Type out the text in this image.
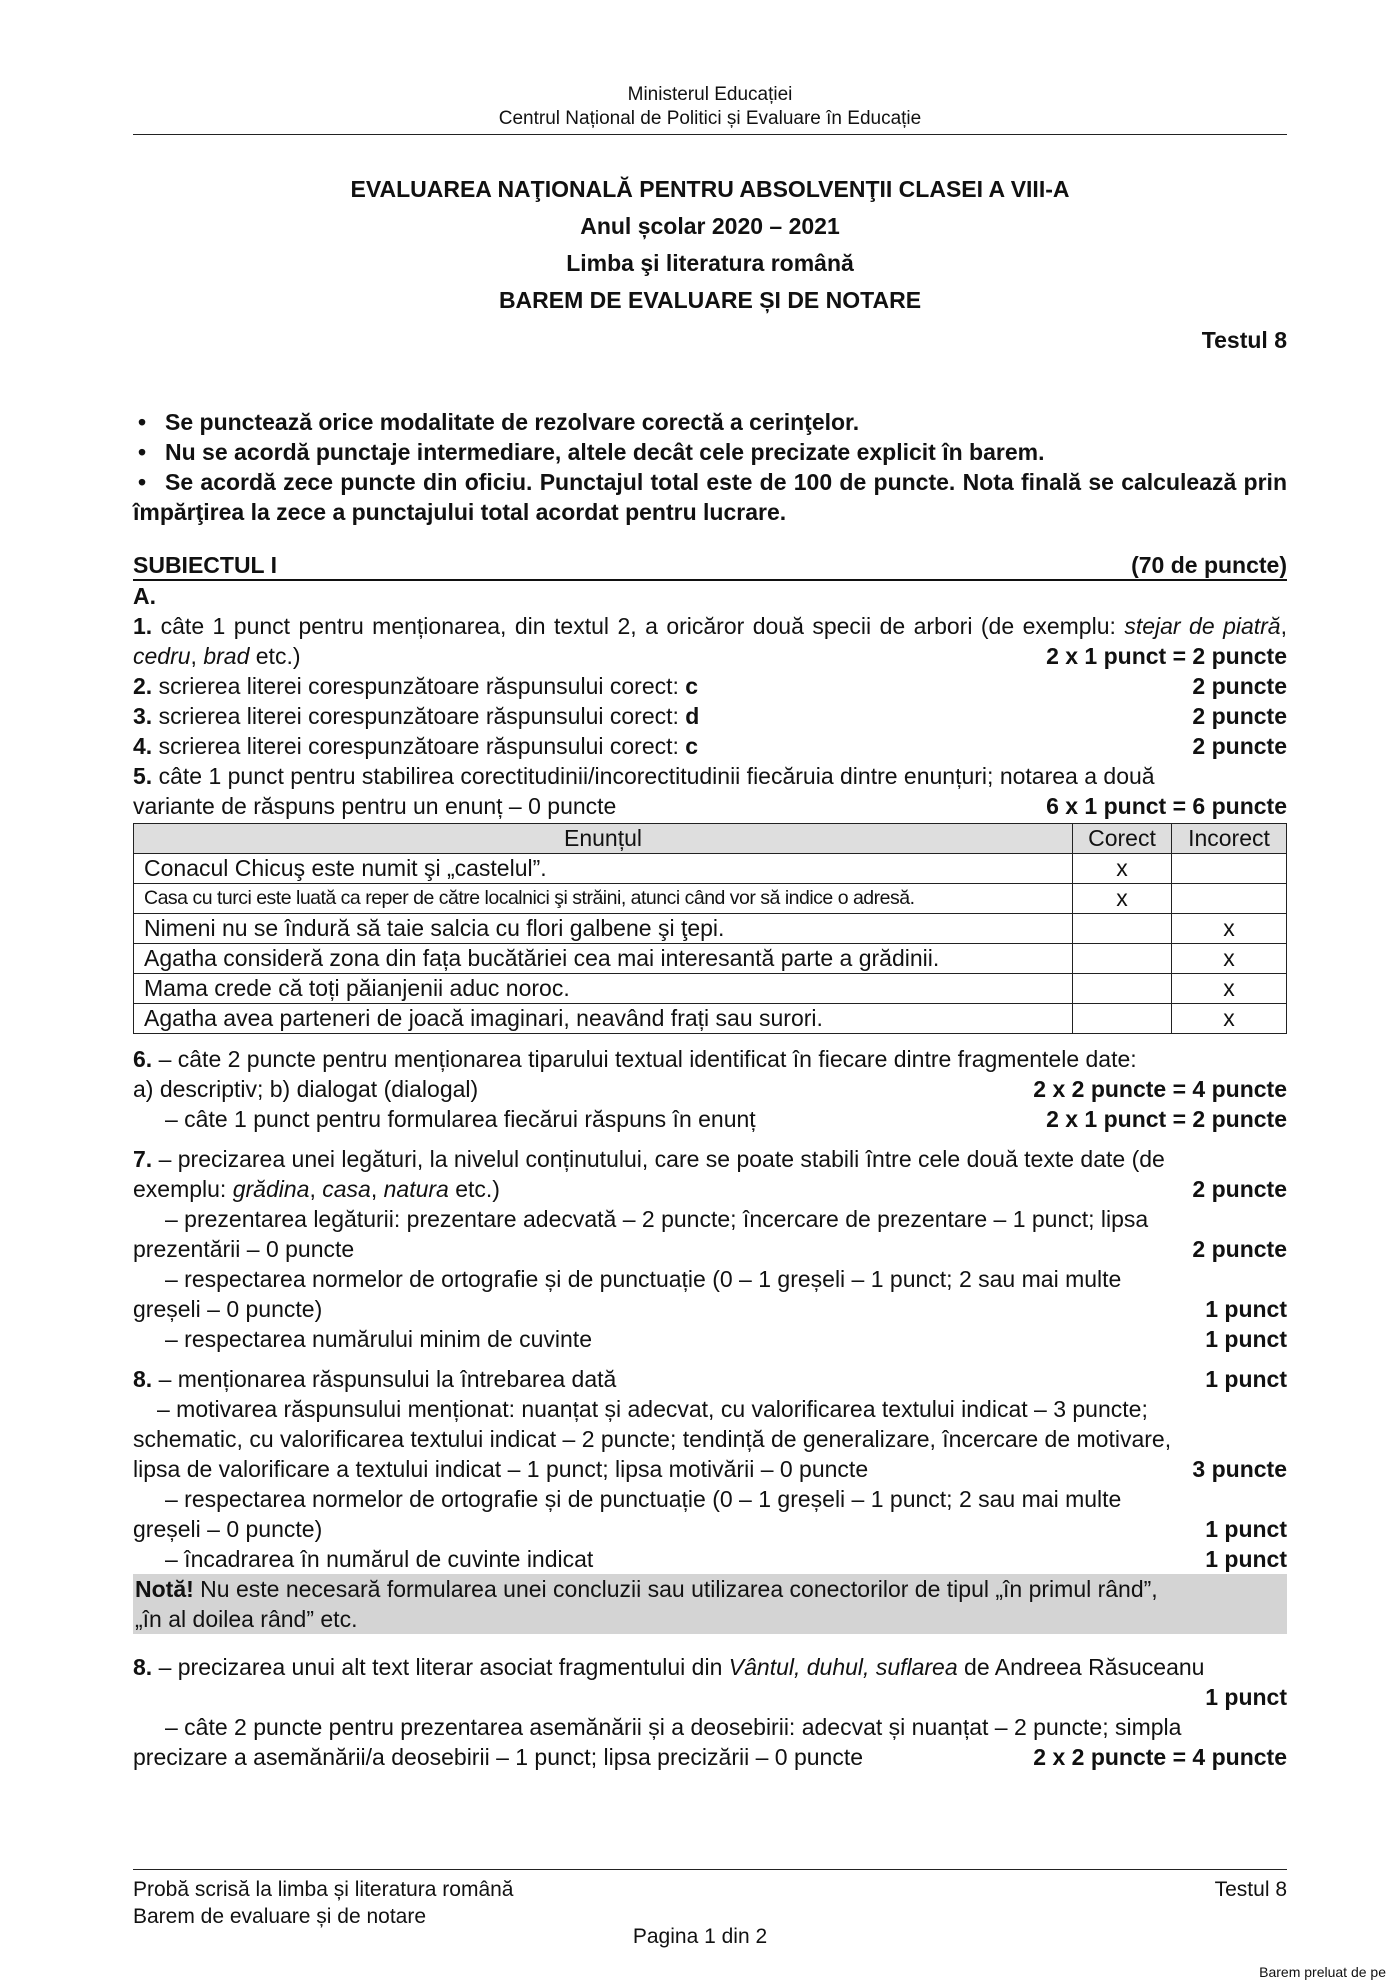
Ministerul Educației
Centrul Național de Politici și Evaluare în Educație
EVALUAREA NAŢIONALĂ PENTRU ABSOLVENŢII CLASEI A VIII-A
Anul școlar 2020 – 2021
Limba şi literatura română
BAREM DE EVALUARE ȘI DE NOTARE
Testul 8
• Se punctează orice modalitate de rezolvare corectă a cerinţelor.
• Nu se acordă punctaje intermediare, altele decât cele precizate explicit în barem.
• Se acordă zece puncte din oficiu. Punctajul total este de 100 de puncte. Nota finală se calculează prin împărţirea la zece a punctajului total acordat pentru lucrare.
SUBIECTUL I	(70 de puncte)
A.
1. câte 1 punct pentru menționarea, din textul 2, a oricăror două specii de arbori (de exemplu: stejar de piatră, cedru, brad etc.)	2 x 1 punct = 2 puncte
2. scrierea literei corespunzătoare răspunsului corect: c	2 puncte
3. scrierea literei corespunzătoare răspunsului corect: d	2 puncte
4. scrierea literei corespunzătoare răspunsului corect: c	2 puncte
5. câte 1 punct pentru stabilirea corectitudinii/incorectitudinii fiecăruia dintre enunțuri; notarea a două
variante de răspuns pentru un enunț – 0 puncte	6 x 1 punct = 6 puncte
Enunțul	Corect	Incorect
Conacul Chicuş este numit şi „castelul”.	x	
Casa cu turci este luată ca reper de către localnici şi străini, atunci când vor să indice o adresă.	x	
Nimeni nu se îndură să taie salcia cu flori galbene şi ţepi.		x
Agatha consideră zona din fața bucătăriei cea mai interesantă parte a grădinii.		x
Mama crede că toți păianjenii aduc noroc.		x
Agatha avea parteneri de joacă imaginari, neavând frați sau surori.		x
6. – câte 2 puncte pentru menționarea tiparului textual identificat în fiecare dintre fragmentele date:
a) descriptiv; b) dialogat (dialogal)	2 x 2 puncte = 4 puncte
– câte 1 punct pentru formularea fiecărui răspuns în enunț	2 x 1 punct = 2 puncte
7. – precizarea unei legături, la nivelul conținutului, care se poate stabili între cele două texte date (de
exemplu: grădina, casa, natura etc.)	2 puncte
– prezentarea legăturii: prezentare adecvată – 2 puncte; încercare de prezentare – 1 punct; lipsa
prezentării – 0 puncte	2 puncte
– respectarea normelor de ortografie și de punctuație (0 – 1 greșeli – 1 punct; 2 sau mai multe
greșeli – 0 puncte)	1 punct
– respectarea numărului minim de cuvinte	1 punct
8. – menționarea răspunsului la întrebarea dată	1 punct
– motivarea răspunsului menționat: nuanțat și adecvat, cu valorificarea textului indicat – 3 puncte;
schematic, cu valorificarea textului indicat – 2 puncte; tendință de generalizare, încercare de motivare,
lipsa de valorificare a textului indicat – 1 punct; lipsa motivării – 0 puncte	3 puncte
– respectarea normelor de ortografie și de punctuație (0 – 1 greșeli – 1 punct; 2 sau mai multe
greșeli – 0 puncte)	1 punct
– încadrarea în numărul de cuvinte indicat	1 punct
Notă! Nu este necesară formularea unei concluzii sau utilizarea conectorilor de tipul „în primul rând”,
„în al doilea rând” etc.
8. – precizarea unui alt text literar asociat fragmentului din Vântul, duhul, suflarea de Andreea Răsuceanu
1 punct
– câte 2 puncte pentru prezentarea asemănării și a deosebirii: adecvat și nuanțat – 2 puncte; simpla
precizare a asemănării/a deosebirii – 1 punct; lipsa precizării – 0 puncte	2 x 2 puncte = 4 puncte
Probă scrisă la limba și literatura română	Testul 8
Barem de evaluare și de notare
Pagina 1 din 2
Barem preluat de pe
